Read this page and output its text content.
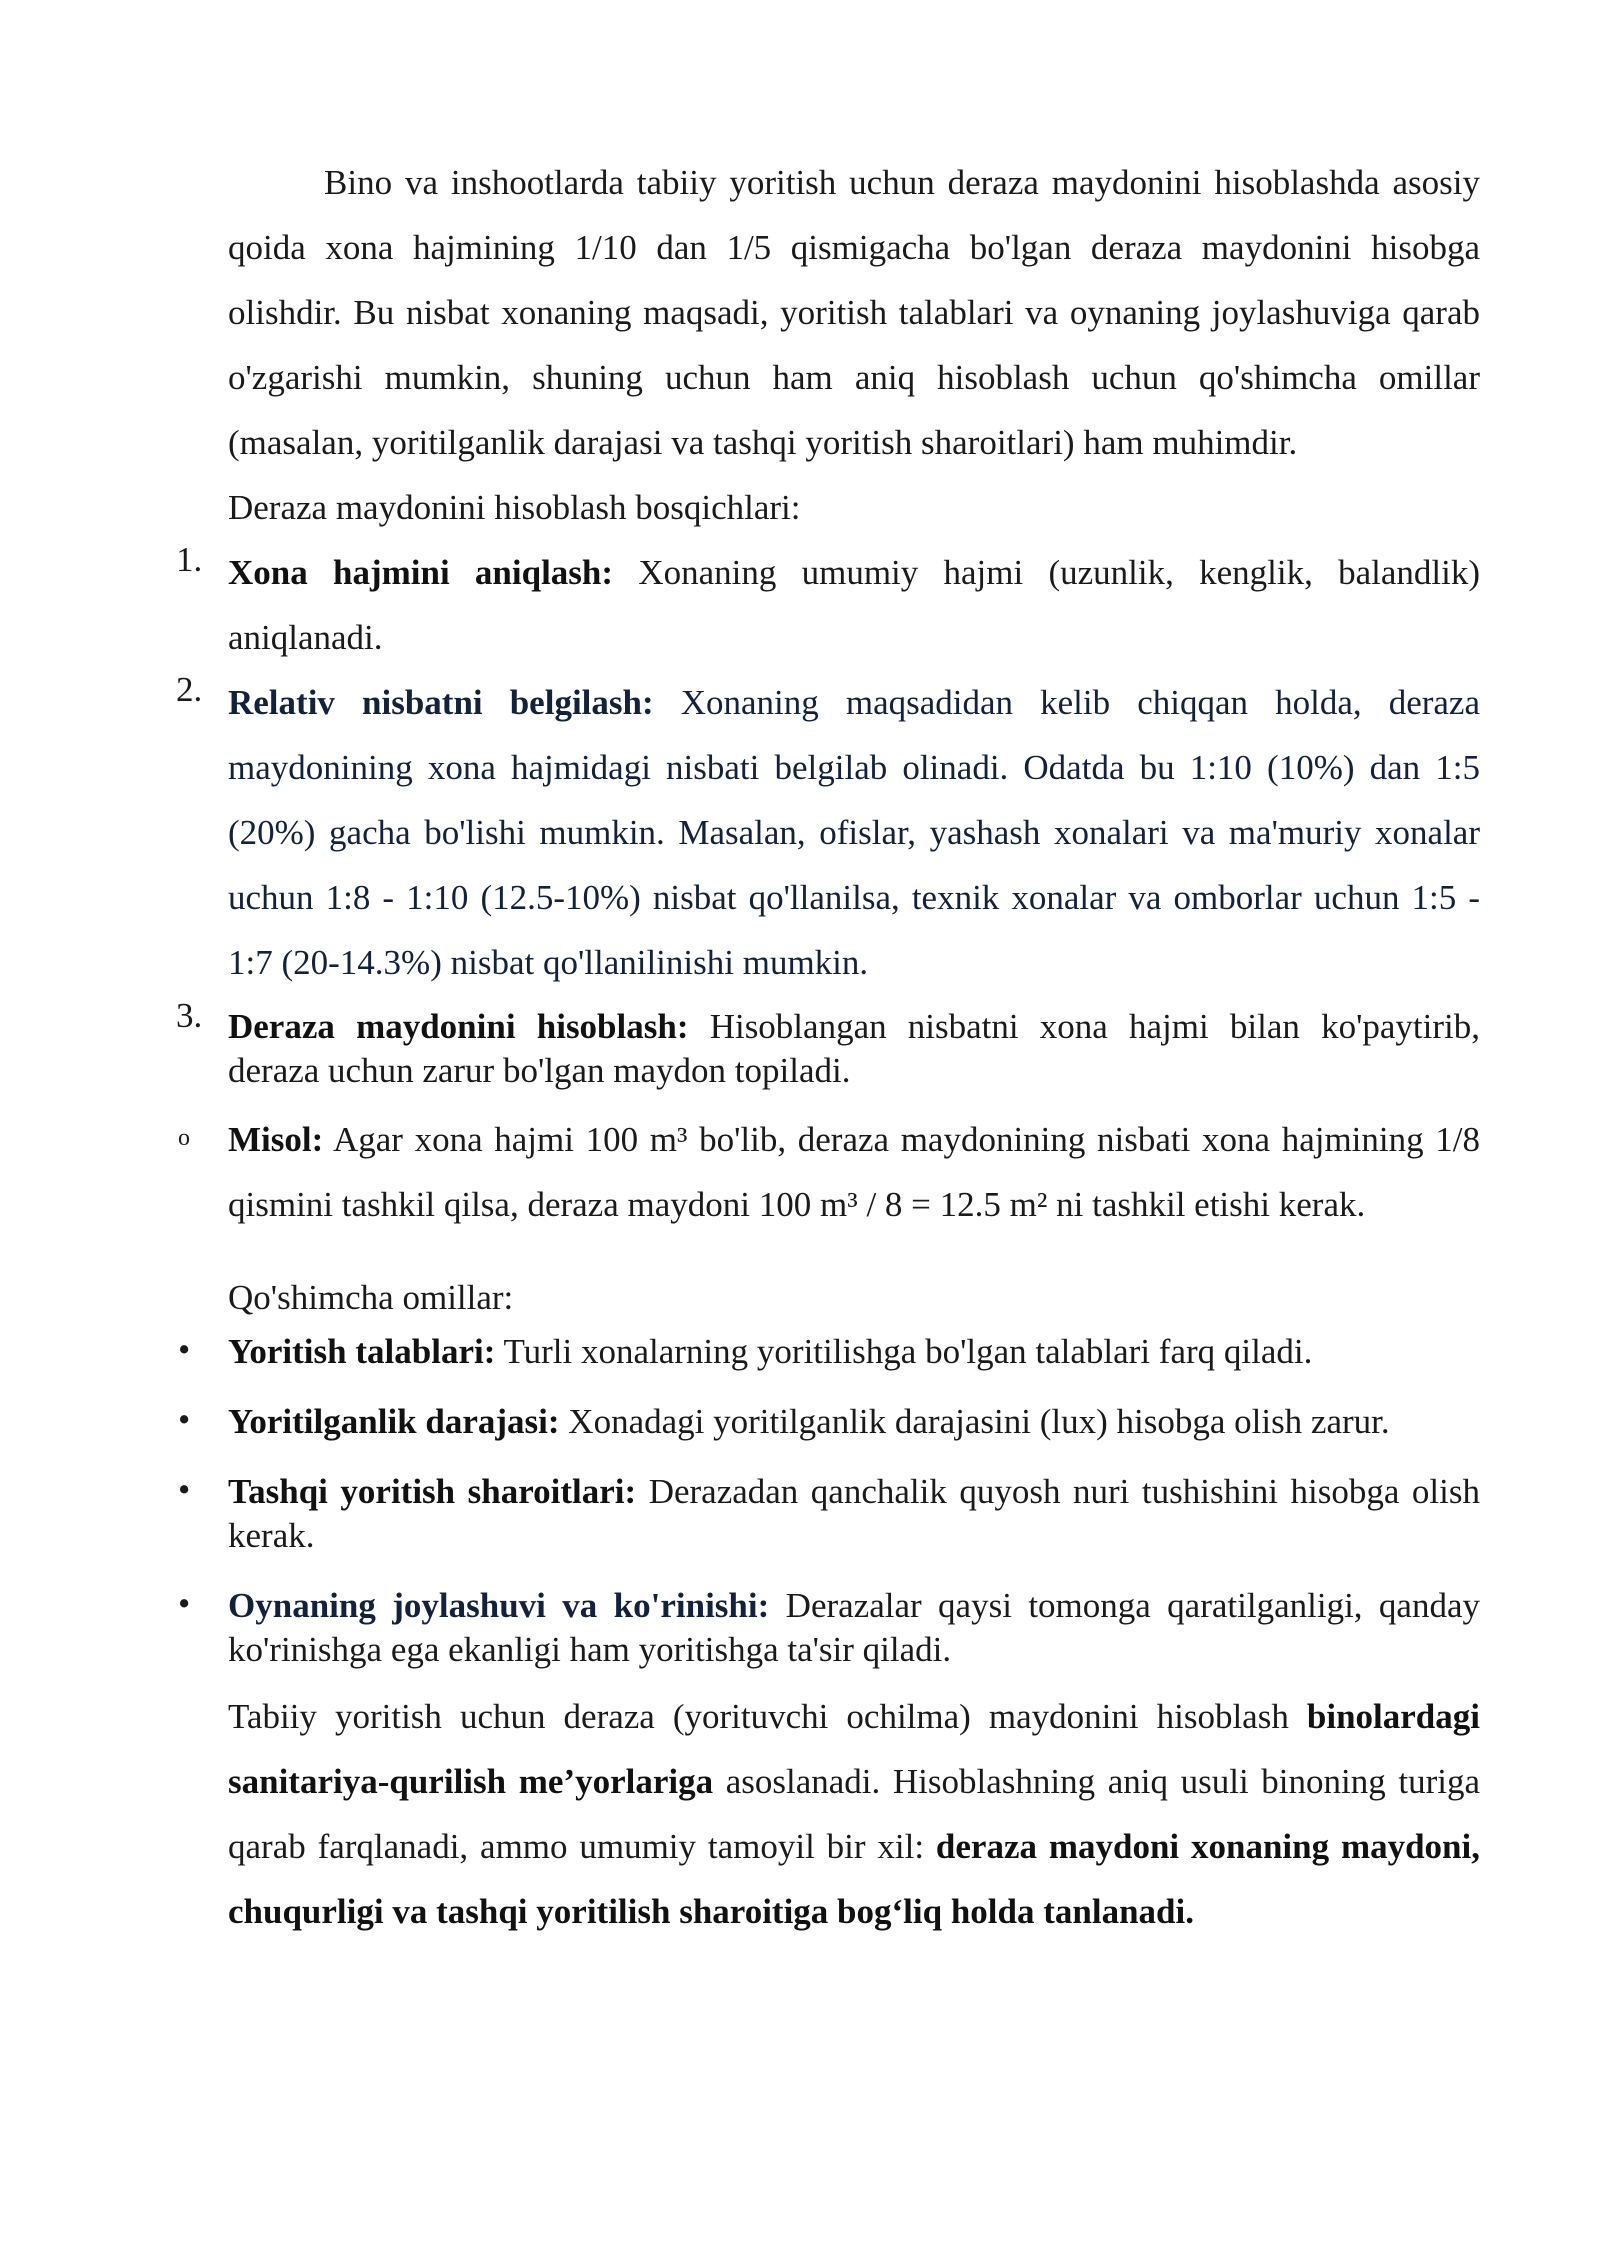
Bino va inshootlarda tabiiy yoritish uchun deraza maydonini hisoblashda asosiy qoida xona hajmining 1/10 dan 1/5 qismigacha bo'lgan deraza maydonini hisobga olishdir. Bu nisbat xonaning maqsadi, yoritish talablari va oynaning joylashuviga qarab o'zgarishi mumkin, shuning uchun ham aniq hisoblash uchun qo'shimcha omillar (masalan, yoritilganlik darajasi va tashqi yoritish sharoitlari) ham muhimdir.

Deraza maydonini hisoblash bosqichlari:

1. Xona hajmini aniqlash: Xonaning umumiy hajmi (uzunlik, kenglik, balandlik) aniqlanadi.

2. Relativ nisbatni belgilash: Xonaning maqsadidan kelib chiqqan holda, deraza maydonining xona hajmidagi nisbati belgilab olinadi. Odatda bu 1:10 (10%) dan 1:5 (20%) gacha bo'lishi mumkin. Masalan, ofislar, yashash xonalari va ma'muriy xonalar uchun 1:8 - 1:10 (12.5-10%) nisbat qo'llanilsa, texnik xonalar va omborlar uchun 1:5 - 1:7 (20-14.3%) nisbat qo'llanilinishi mumkin.

3. Deraza maydonini hisoblash: Hisoblangan nisbatni xona hajmi bilan ko'paytirib, deraza uchun zarur bo'lgan maydon topiladi.

o Misol: Agar xona hajmi 100 m³ bo'lib, deraza maydonining nisbati xona hajmining 1/8 qismini tashkil qilsa, deraza maydoni 100 m³ / 8 = 12.5 m² ni tashkil etishi kerak.

Qo'shimcha omillar:

• Yoritish talablari: Turli xonalarning yoritilishga bo'lgan talablari farq qiladi.

• Yoritilganlik darajasi: Xonadagi yoritilganlik darajasini (lux) hisobga olish zarur.

• Tashqi yoritish sharoitlari: Derazadan qanchalik quyosh nuri tushishini hisobga olish kerak.

• Oynaning joylashuvi va ko'rinishi: Derazalar qaysi tomonga qaratilganligi, qanday ko'rinishga ega ekanligi ham yoritishga ta'sir qiladi.

Tabiiy yoritish uchun deraza (yorituvchi ochilma) maydonini hisoblash binolardagi sanitariya-qurilish me’yorlariga asoslanadi. Hisoblashning aniq usuli binoning turiga qarab farqlanadi, ammo umumiy tamoyil bir xil: deraza maydoni xonaning maydoni, chuqurligi va tashqi yoritilish sharoitiga bog‘liq holda tanlanadi.
